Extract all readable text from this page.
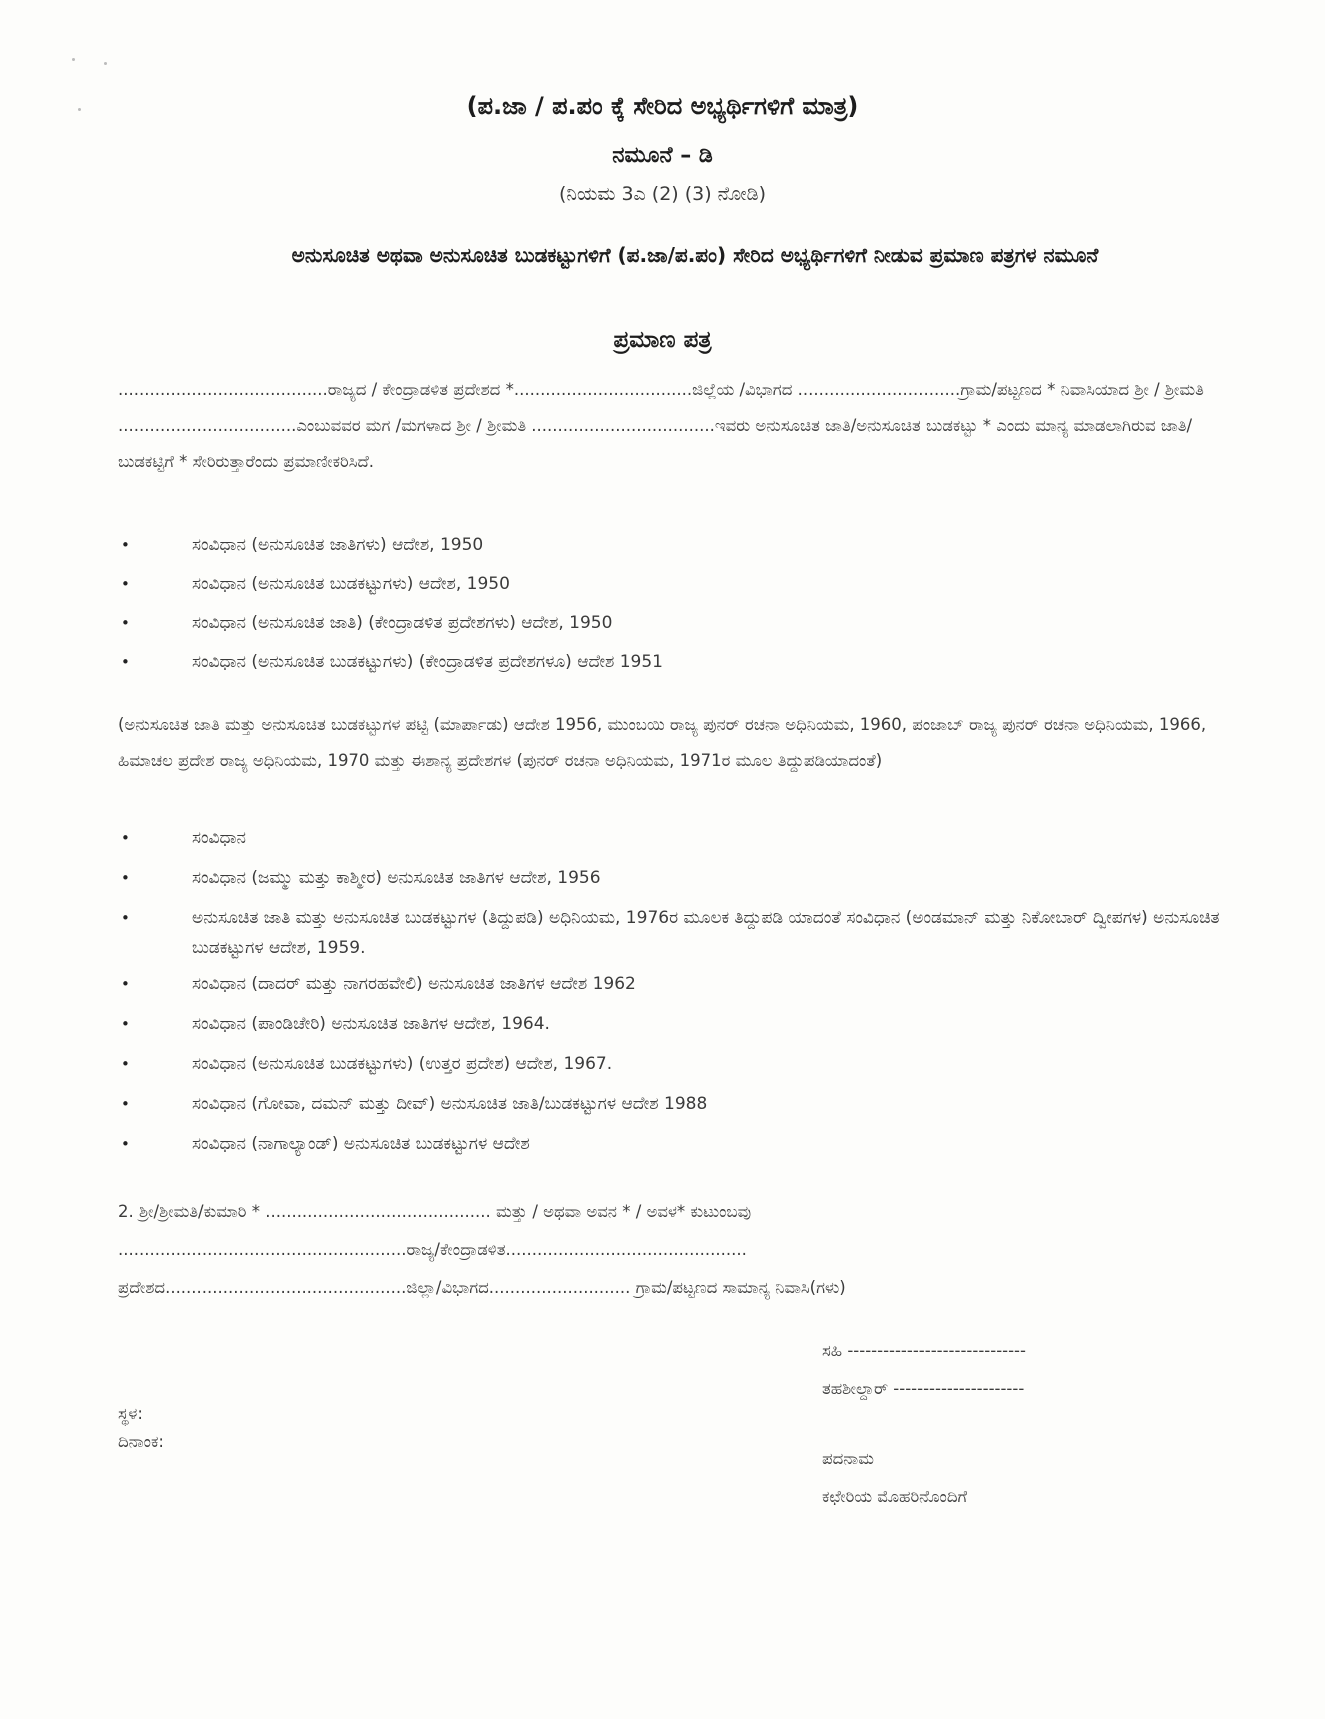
(ಪ.ಜಾ / ಪ.ಪಂ ಕ್ಕೆ ಸೇರಿದ ಅಭ್ಯರ್ಥಿಗಳಿಗೆ ಮಾತ್ರ)
ನಮೂನೆ – ಡಿ
(ನಿಯಮ 3ಎ (2) (3) ನೋಡಿ)
ಅನುಸೂಚಿತ ಅಥವಾ ಅನುಸೂಚಿತ ಬುಡಕಟ್ಟುಗಳಿಗೆ (ಪ.ಜಾ/ಪ.ಪಂ) ಸೇರಿದ ಅಭ್ಯರ್ಥಿಗಳಿಗೆ ನೀಡುವ ಪ್ರಮಾಣ ಪತ್ರಗಳ ನಮೂನೆ
ಪ್ರಮಾಣ ಪತ್ರ
........................................ರಾಜ್ಯದ / ಕೇಂದ್ರಾಡಳಿತ ಪ್ರದೇಶದ *..................................ಜಿಲ್ಲೆಯ /ವಿಭಾಗದ ...............................ಗ್ರಾಮ/ಪಟ್ಟಣದ * ನಿವಾಸಿಯಾದ ಶ್ರೀ / ಶ್ರೀಮತಿ ..................................ಎಂಬುವವರ ಮಗ /ಮಗಳಾದ ಶ್ರೀ / ಶ್ರೀಮತಿ ...................................ಇವರು ಅನುಸೂಚಿತ ಜಾತಿ/ಅನುಸೂಚಿತ ಬುಡಕಟ್ಟು * ಎಂದು ಮಾನ್ಯ ಮಾಡಲಾಗಿರುವ ಜಾತಿ/ಬುಡಕಟ್ಟಿಗೆ * ಸೇರಿರುತ್ತಾರೆಂದು ಪ್ರಮಾಣೀಕರಿಸಿದೆ.
•	ಸಂವಿಧಾನ (ಅನುಸೂಚಿತ ಜಾತಿಗಳು) ಆದೇಶ, 1950
•	ಸಂವಿಧಾನ (ಅನುಸೂಚಿತ ಬುಡಕಟ್ಟುಗಳು) ಆದೇಶ, 1950
•	ಸಂವಿಧಾನ (ಅನುಸೂಚಿತ ಜಾತಿ) (ಕೇಂದ್ರಾಡಳಿತ ಪ್ರದೇಶಗಳು) ಆದೇಶ, 1950
•	ಸಂವಿಧಾನ (ಅನುಸೂಚಿತ ಬುಡಕಟ್ಟುಗಳು) (ಕೇಂದ್ರಾಡಳಿತ ಪ್ರದೇಶಗಳೂ) ಆದೇಶ 1951
(ಅನುಸೂಚಿತ ಜಾತಿ ಮತ್ತು ಅನುಸೂಚಿತ ಬುಡಕಟ್ಟುಗಳ ಪಟ್ಟಿ (ಮಾರ್ಪಾಡು) ಆದೇಶ 1956, ಮುಂಬಯಿ ರಾಜ್ಯ ಪುನರ್ ರಚನಾ ಅಧಿನಿಯಮ, 1960, ಪಂಜಾಬ್ ರಾಜ್ಯ ಪುನರ್ ರಚನಾ ಅಧಿನಿಯಮ, 1966, ಹಿಮಾಚಲ ಪ್ರದೇಶ ರಾಜ್ಯ ಅಧಿನಿಯಮ, 1970 ಮತ್ತು ಈಶಾನ್ಯ ಪ್ರದೇಶಗಳ (ಪುನರ್ ರಚನಾ ಅಧಿನಿಯಮ, 1971ರ ಮೂಲ ತಿದ್ದುಪಡಿಯಾದಂತೆ)
•	ಸಂವಿಧಾನ
•	ಸಂವಿಧಾನ (ಜಮ್ಮು ಮತ್ತು ಕಾಶ್ಮೀರ) ಅನುಸೂಚಿತ ಜಾತಿಗಳ ಆದೇಶ, 1956
•	ಅನುಸೂಚಿತ ಜಾತಿ ಮತ್ತು ಅನುಸೂಚಿತ ಬುಡಕಟ್ಟುಗಳ (ತಿದ್ದುಪಡಿ) ಅಧಿನಿಯಮ, 1976ರ ಮೂಲಕ ತಿದ್ದುಪಡಿ ಯಾದಂತೆ ಸಂವಿಧಾನ (ಅಂಡಮಾನ್ ಮತ್ತು ನಿಕೋಬಾರ್ ದ್ವೀಪಗಳ) ಅನುಸೂಚಿತ ಬುಡಕಟ್ಟುಗಳ ಆದೇಶ, 1959.
•	ಸಂವಿಧಾನ (ದಾದರ್ ಮತ್ತು ನಾಗರಹವೇಲಿ) ಅನುಸೂಚಿತ ಜಾತಿಗಳ ಆದೇಶ 1962
•	ಸಂವಿಧಾನ (ಪಾಂಡಿಚೇರಿ) ಅನುಸೂಚಿತ ಜಾತಿಗಳ ಆದೇಶ, 1964.
•	ಸಂವಿಧಾನ (ಅನುಸೂಚಿತ ಬುಡಕಟ್ಟುಗಳು) (ಉತ್ತರ ಪ್ರದೇಶ) ಆದೇಶ, 1967.
•	ಸಂವಿಧಾನ (ಗೋವಾ, ದಮನ್ ಮತ್ತು ದೀವ್) ಅನುಸೂಚಿತ ಜಾತಿ/ಬುಡಕಟ್ಟುಗಳ ಆದೇಶ 1988
•	ಸಂವಿಧಾನ (ನಾಗಾಲ್ಯಾಂಡ್) ಅನುಸೂಚಿತ ಬುಡಕಟ್ಟುಗಳ ಆದೇಶ
2. ಶ್ರೀ/ಶ್ರೀಮತಿ/ಕುಮಾರಿ * ........................................... ಮತ್ತು / ಅಥವಾ ಅವನ * / ಅವಳ* ಕುಟುಂಬವು
.......................................................ರಾಜ್ಯ/ಕೇಂದ್ರಾಡಳಿತ..............................................
ಪ್ರದೇಶದ..............................................ಜಿಲ್ಲಾ/ವಿಭಾಗದ........................... ಗ್ರಾಮ/ಪಟ್ಟಣದ ಸಾಮಾನ್ಯ ನಿವಾಸಿ(ಗಳು)
ಸಹಿ ------------------------------
ತಹಶೀಲ್ದಾರ್ ----------------------
ಸ್ಥಳ:
ದಿನಾಂಕ:
ಪದನಾಮ
ಕಛೇರಿಯ ಮೊಹರಿನೊಂದಿಗೆ
